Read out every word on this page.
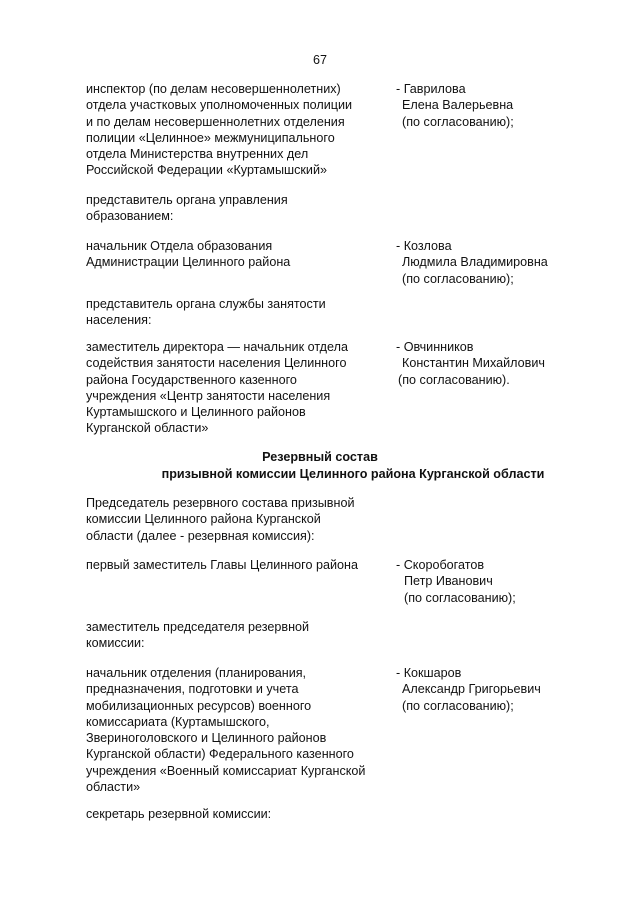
67
инспектор (по делам несовершеннолетних)
отдела участковых уполномоченных полиции
и по делам несовершеннолетних отделения
полиции «Целинное» межмуниципального
отдела Министерства внутренних дел
Российской Федерации «Куртамышский»
- Гаврилова
Елена Валерьевна
(по согласованию);
представитель органа управления
образованием:
начальник Отдела образования
Администрации Целинного района
- Козлова
Людмила Владимировна
(по согласованию);
представитель органа службы занятости
населения:
заместитель директора — начальник отдела
содействия занятости населения Целинного
района Государственного казенного
учреждения «Центр занятости населения
Куртамышского и Целинного районов
Курганской области»
- Овчинников
Константин Михайлович
(по согласованию).
Резервный состав
призывной комиссии Целинного района Курганской области
Председатель резервного состава призывной
комиссии Целинного района Курганской
области (далее - резервная комиссия):
первый заместитель Главы Целинного района	- Скоробогатов
Петр Иванович
(по согласованию);
заместитель председателя резервной
комиссии:
начальник отделения (планирования,
предназначения, подготовки и учета
мобилизационных ресурсов) военного
комиссариата (Куртамышского,
Звериноголовского и Целинного районов
Курганской области) Федерального казенного
учреждения «Военный комиссариат Курганской
области»
- Кокшаров
Александр Григорьевич
(по согласованию);
секретарь резервной комиссии:
